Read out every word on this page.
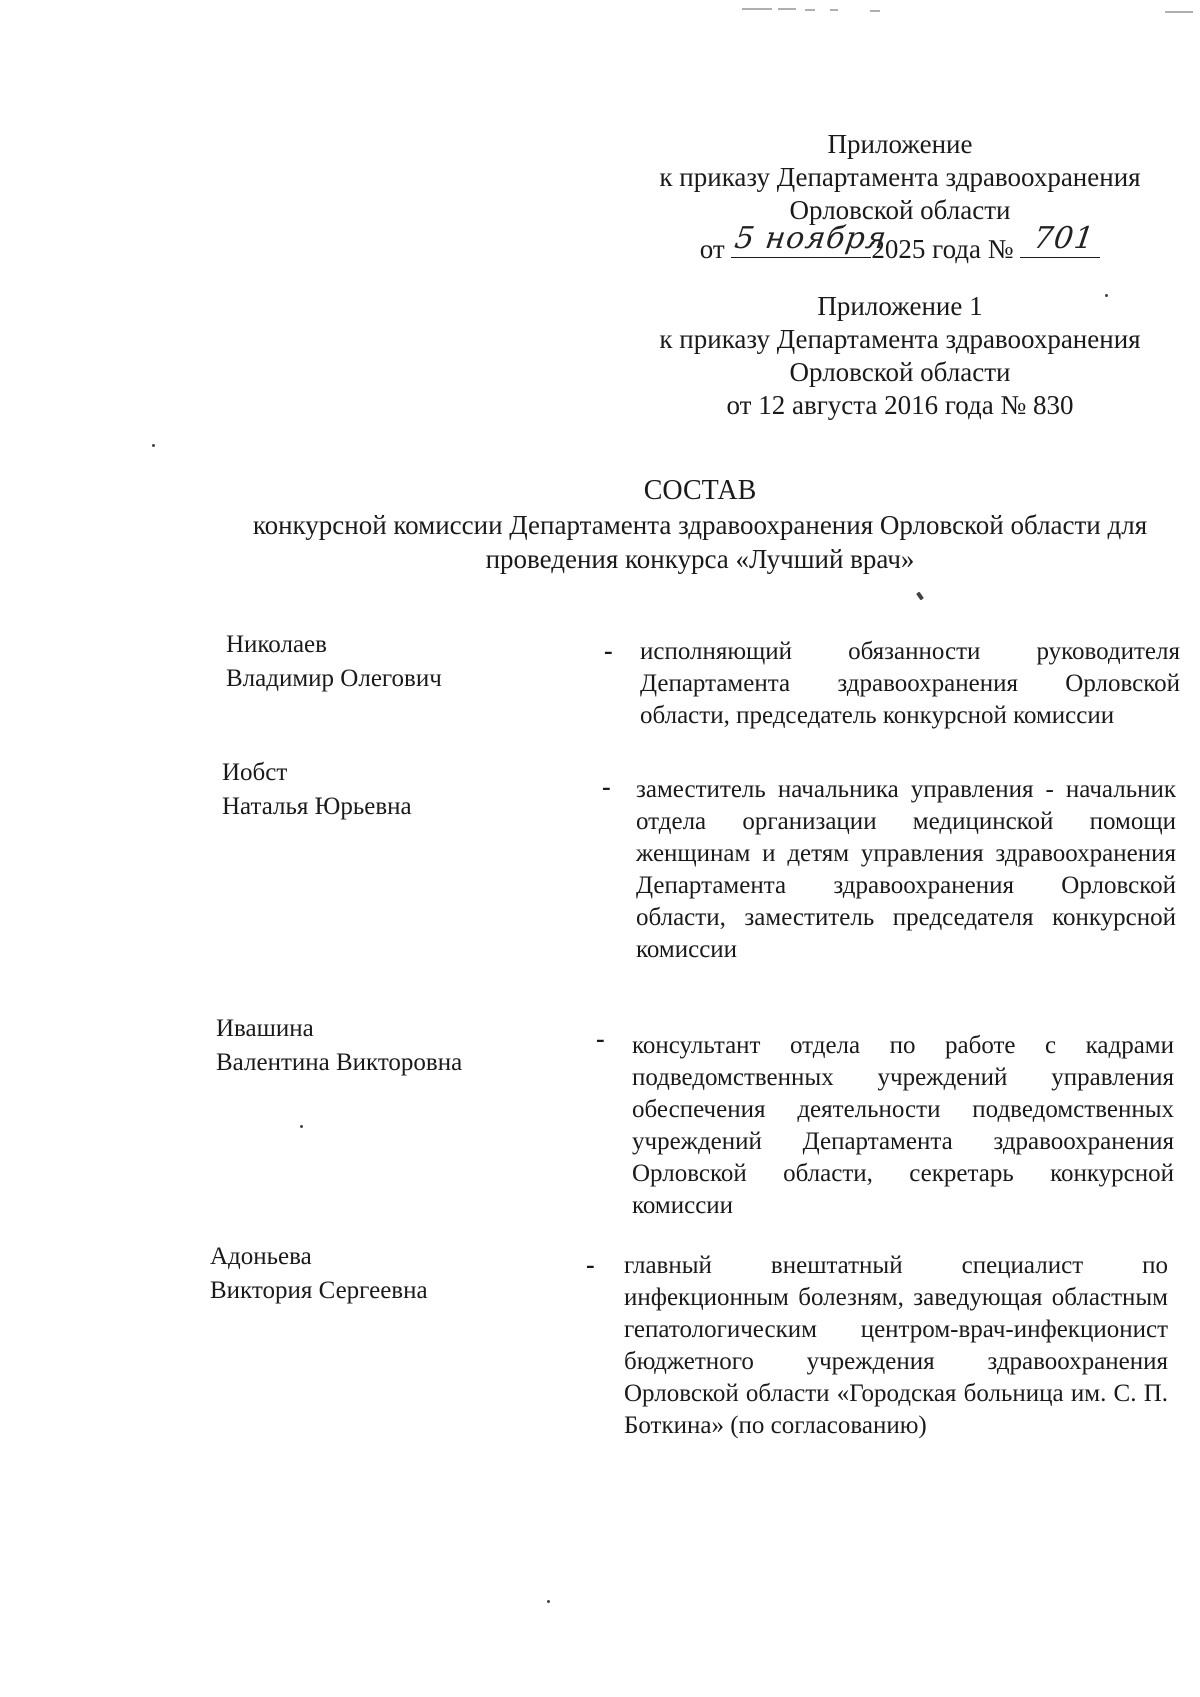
Приложение
к приказу Департамента здравоохранения
Орловской области
от 5 ноября
2025 года № 701
Приложение 1
к приказу Департамента здравоохранения
Орловской области
от 12 августа 2016 года № 830
СОСТАВ
конкурсной комиссии Департамента здравоохранения Орловской области для
проведения конкурса «Лучший врач»
Николаев
Владимир Олегович
- исполняющий обязанности руководителя Департамента здравоохранения Орловской области, председатель конкурсной комиссии
Иобст
Наталья Юрьевна
- заместитель начальника управления - начальник отдела организации медицинской помощи женщинам и детям управления здравоохранения Департамента здравоохранения Орловской области, заместитель председателя конкурсной комиссии
Ивашина
Валентина Викторовна
- консультант отдела по работе с кадрами подведомственных учреждений управления обеспечения деятельности подведомственных учреждений Департамента здравоохранения Орловской области, секретарь конкурсной комиссии
Адоньева
Виктория Сергеевна
- главный внештатный специалист по инфекционным болезням, заведующая областным гепатологическим центром-врач-инфекционист бюджетного учреждения здравоохранения Орловской области «Городская больница им. С. П. Боткина» (по согласованию)
